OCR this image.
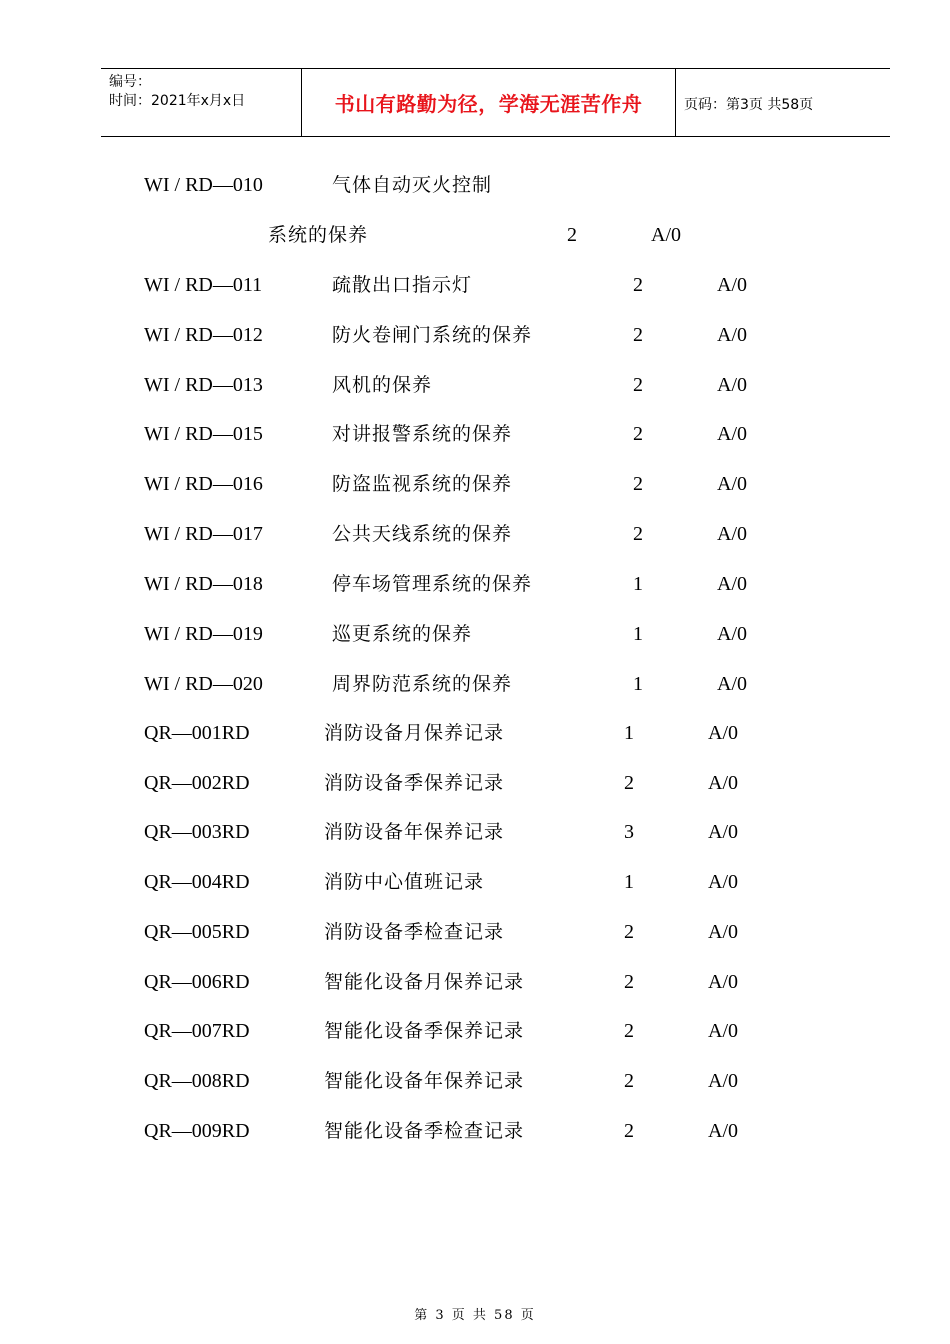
编号：
时间：2021年x月x日	书山有路勤为径，学海无涯苦作舟	页码：第3页 共58页
WI / RD—010	气体自动灭火控制
系统的保养	2	A/0
WI / RD—011	疏散出口指示灯	2	A/0
WI / RD—012	防火卷闸门系统的保养	2	A/0
WI / RD—013	风机的保养	2	A/0
WI / RD—015	对讲报警系统的保养	2	A/0
WI / RD—016	防盗监视系统的保养	2	A/0
WI / RD—017	公共天线系统的保养	2	A/0
WI / RD—018	停车场管理系统的保养	1	A/0
WI / RD—019	巡更系统的保养	1	A/0
WI / RD—020	周界防范系统的保养	1	A/0
QR—001RD	消防设备月保养记录	1	A/0
QR—002RD	消防设备季保养记录	2	A/0
QR—003RD	消防设备年保养记录	3	A/0
QR—004RD	消防中心值班记录	1	A/0
QR—005RD	消防设备季检查记录	2	A/0
QR—006RD	智能化设备月保养记录	2	A/0
QR—007RD	智能化设备季保养记录	2	A/0
QR—008RD	智能化设备年保养记录	2	A/0
QR—009RD	智能化设备季检查记录	2	A/0
第 3 页 共 58 页
